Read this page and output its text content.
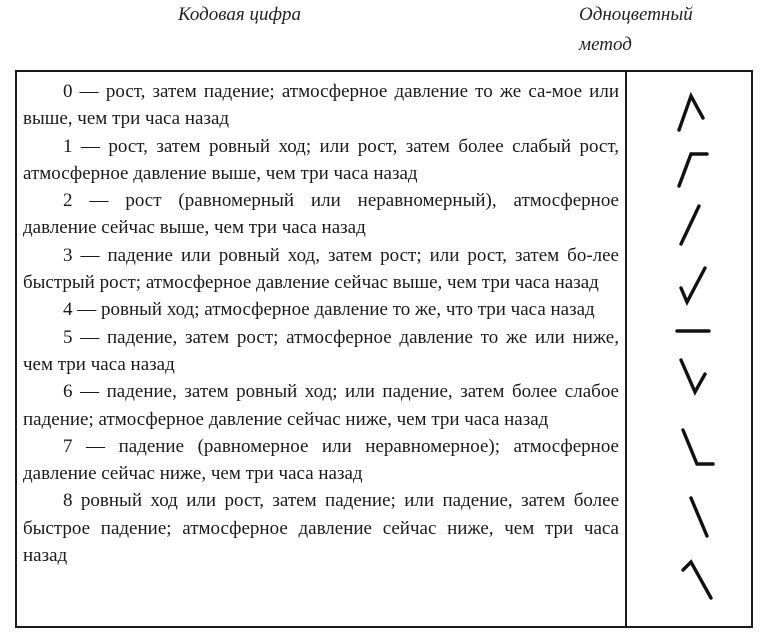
Кодовая цифра	Одноцветный метод

0 — рост, затем падение; атмосферное давление то же са-мое или выше, чем три часа назад

1 — рост, затем ровный ход; или рост, затем более слабый рост, атмосферное давление выше, чем три часа назад

2 — рост (равномерный или неравномерный), атмосферное давление сейчас выше, чем три часа назад

3 — падение или ровный ход, затем рост; или рост, затем бо-лее быстрый рост; атмосферное давление сейчас выше, чем три часа назад

4 — ровный ход; атмосферное давление то же, что три часа назад

5 — падение, затем рост; атмосферное давление то же или ниже, чем три часа назад

6 — падение, затем ровный ход; или падение, затем более слабое падение; атмосферное давление сейчас ниже, чем три часа назад

7 — падение (равномерное или неравномерное); атмосферное давление сейчас ниже, чем три часа назад

8 ровный ход или рост, затем падение; или падение, затем более быстрое падение; атмосферное давление сейчас ниже, чем три часа назад
